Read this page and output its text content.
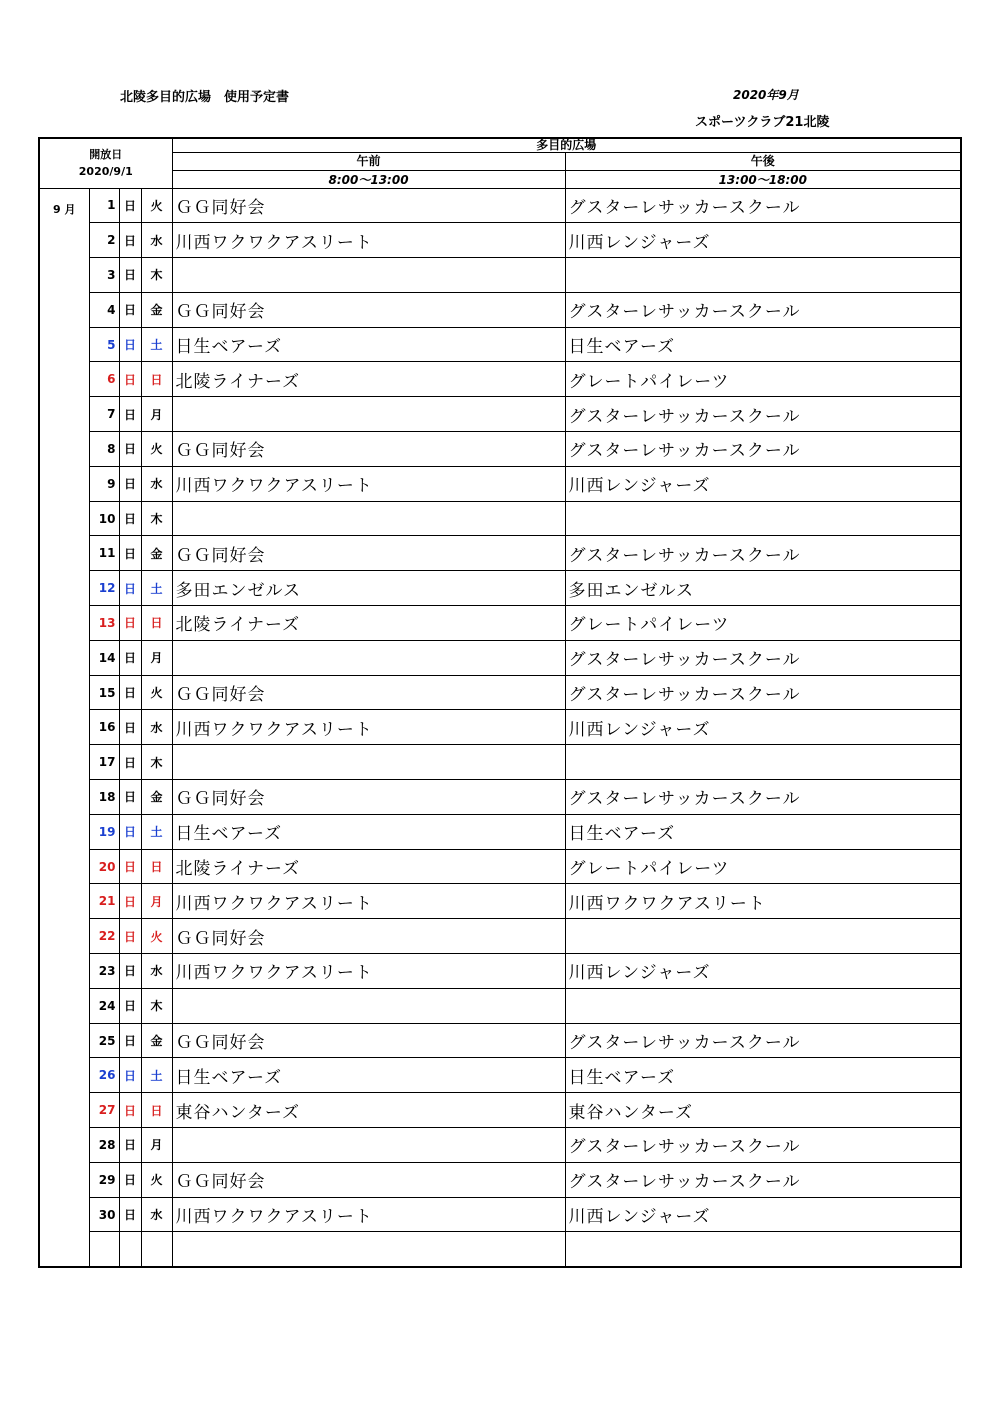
北陵多目的広場　使用予定書	2020年9月
スポーツクラブ21北陵
開放日
2020/9/1				多目的広場	
				午前	午後
				8:00～13:00	13:00～18:00
9 月	1	日	火	ＧＧ同好会	グスターレサッカースクール
	2	日	水	川西ワクワクアスリート	川西レンジャーズ
	3	日	木		
	4	日	金	ＧＧ同好会	グスターレサッカースクール
	5	日	土	日生ベアーズ	日生ベアーズ
	6	日	日	北陵ライナーズ	グレートパイレーツ
	7	日	月		グスターレサッカースクール
	8	日	火	ＧＧ同好会	グスターレサッカースクール
	9	日	水	川西ワクワクアスリート	川西レンジャーズ
	10	日	木		
	11	日	金	ＧＧ同好会	グスターレサッカースクール
	12	日	土	多田エンゼルス	多田エンゼルス
	13	日	日	北陵ライナーズ	グレートパイレーツ
	14	日	月		グスターレサッカースクール
	15	日	火	ＧＧ同好会	グスターレサッカースクール
	16	日	水	川西ワクワクアスリート	川西レンジャーズ
	17	日	木		
	18	日	金	ＧＧ同好会	グスターレサッカースクール
	19	日	土	日生ベアーズ	日生ベアーズ
	20	日	日	北陵ライナーズ	グレートパイレーツ
	21	日	月	川西ワクワクアスリート	川西ワクワクアスリート
	22	日	火	ＧＧ同好会	
	23	日	水	川西ワクワクアスリート	川西レンジャーズ
	24	日	木		
	25	日	金	ＧＧ同好会	グスターレサッカースクール
	26	日	土	日生ベアーズ	日生ベアーズ
	27	日	日	東谷ハンターズ	東谷ハンターズ
	28	日	月		グスターレサッカースクール
	29	日	火	ＧＧ同好会	グスターレサッカースクール
	30	日	水	川西ワクワクアスリート	川西レンジャーズ
